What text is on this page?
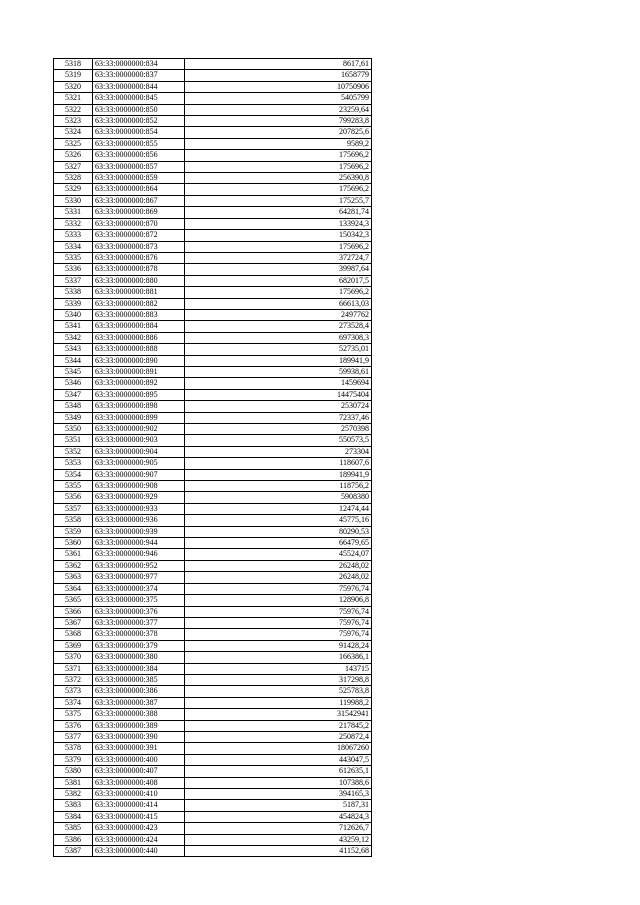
5318	63:33:0000000:834	8617,61
5319	63:33:0000000:837	1658779
5320	63:33:0000000:844	10750906
5321	63:33:0000000:845	5405799
5322	63:33:0000000:850	23259,64
5323	63:33:0000000:852	799283,8
5324	63:33:0000000:854	207825,6
5325	63:33:0000000:855	9589,2
5326	63:33:0000000:856	175696,2
5327	63:33:0000000:857	175696,2
5328	63:33:0000000:859	256390,8
5329	63:33:0000000:864	175696,2
5330	63:33:0000000:867	175255,7
5331	63:33:0000000:869	64281,74
5332	63:33:0000000:870	133924,3
5333	63:33:0000000:872	150342,3
5334	63:33:0000000:873	175696,2
5335	63:33:0000000:876	372724,7
5336	63:33:0000000:878	39987,64
5337	63:33:0000000:880	682017,5
5338	63:33:0000000:881	175696,2
5339	63:33:0000000:882	66613,03
5340	63:33:0000000:883	2497762
5341	63:33:0000000:884	273528,4
5342	63:33:0000000:886	697308,3
5343	63:33:0000000:888	52735,01
5344	63:33:0000000:890	189941,9
5345	63:33:0000000:891	59938,61
5346	63:33:0000000:892	1459694
5347	63:33:0000000:895	14475404
5348	63:33:0000000:898	2530724
5349	63:33:0000000:899	72337,46
5350	63:33:0000000:902	2570398
5351	63:33:0000000:903	550573,5
5352	63:33:0000000:904	273304
5353	63:33:0000000:905	118607,6
5354	63:33:0000000:907	189941,9
5355	63:33:0000000:908	118756,2
5356	63:33:0000000:929	5908380
5357	63:33:0000000:933	12474,44
5358	63:33:0000000:936	45775,16
5359	63:33:0000000:939	80290,53
5360	63:33:0000000:944	66479,65
5361	63:33:0000000:946	45524,07
5362	63:33:0000000:952	26248,02
5363	63:33:0000000:977	26248,02
5364	63:33:0000000:374	75976,74
5365	63:33:0000000:375	128906,8
5366	63:33:0000000:376	75976,74
5367	63:33:0000000:377	75976,74
5368	63:33:0000000:378	75976,74
5369	63:33:0000000:379	91428,24
5370	63:33:0000000:380	166386,1
5371	63:33:0000000:384	143715
5372	63:33:0000000:385	317298,8
5373	63:33:0000000:386	525783,8
5374	63:33:0000000:387	119988,2
5375	63:33:0000000:388	31542941
5376	63:33:0000000:389	217845,2
5377	63:33:0000000:390	250872,4
5378	63:33:0000000:391	18067260
5379	63:33:0000000:400	443047,5
5380	63:33:0000000:407	612635,1
5381	63:33:0000000:408	107388,6
5382	63:33:0000000:410	394165,3
5383	63:33:0000000:414	5187,31
5384	63:33:0000000:415	454824,3
5385	63:33:0000000:423	712626,7
5386	63:33:0000000:424	43259,12
5387	63:33:0000000:440	41152,68
